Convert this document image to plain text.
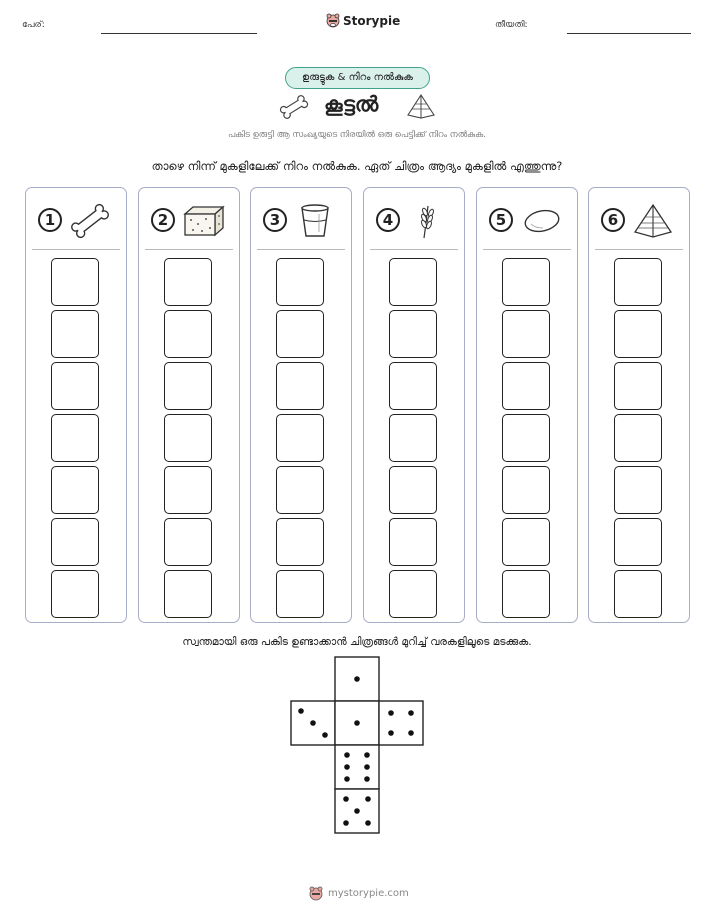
പേര്:	Storypie	തീയതി:
ഉരുട്ടുക & നിറം നൽകുക
കൂട്ടൽ
പകിട ഉരുട്ടി ആ സംഖ്യയുടെ നിരയിൽ ഒരു പെട്ടിക്ക് നിറം നൽകുക.
താഴെ നിന്ന് മുകളിലേക്ക് നിറം നൽകുക. ഏത് ചിത്രം ആദ്യം മുകളിൽ എത്തുന്നു?
1	2	3	4	5	6
സ്വന്തമായി ഒരു പകിട ഉണ്ടാക്കാൻ ചിത്രങ്ങൾ മുറിച്ച് വരകളിലൂടെ മടക്കുക.
mystorypie.com
